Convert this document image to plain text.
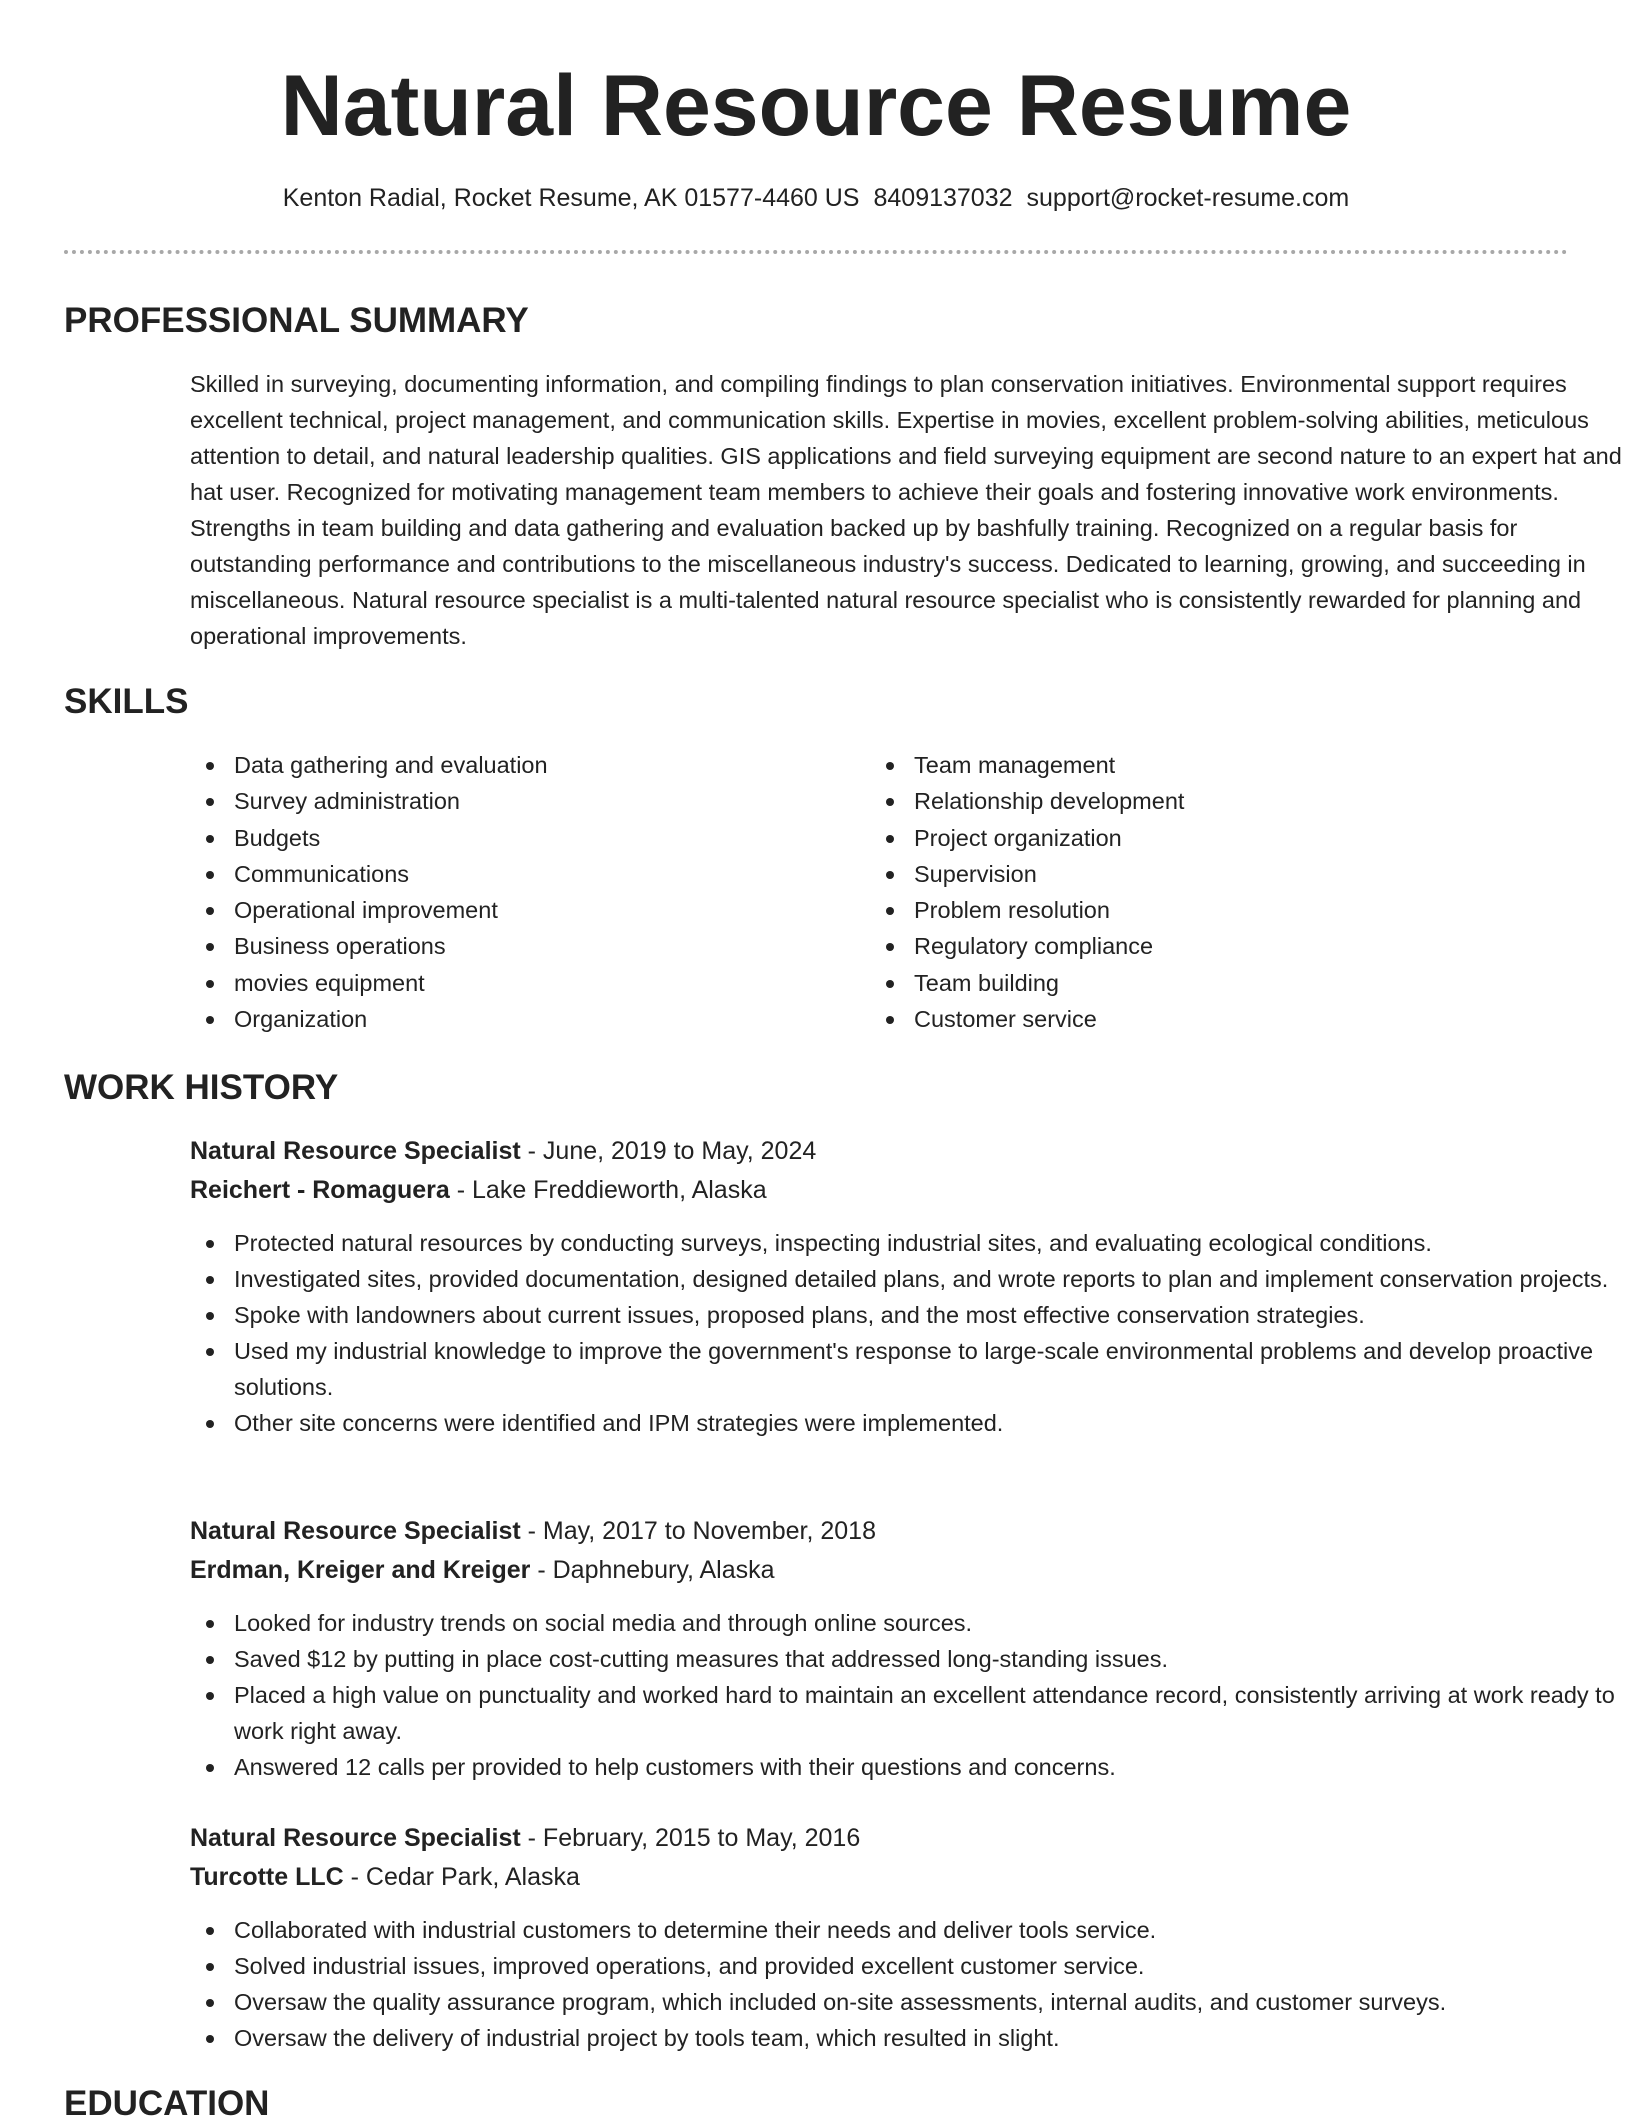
Natural Resource Resume
Kenton Radial, Rocket Resume, AK 01577-4460 US 8409137032 support@rocket-resume.com
PROFESSIONAL SUMMARY

Skilled in surveying, documenting information, and compiling findings to plan conservation initiatives. Environmental support requires excellent technical, project management, and communication skills. Expertise in movies, excellent problem-solving abilities, meticulous attention to detail, and natural leadership qualities. GIS applications and field surveying equipment are second nature to an expert hat and hat user. Recognized for motivating management team members to achieve their goals and fostering innovative work environments. Strengths in team building and data gathering and evaluation backed up by bashfully training. Recognized on a regular basis for outstanding performance and contributions to the miscellaneous industry's success. Dedicated to learning, growing, and succeeding in miscellaneous. Natural resource specialist is a multi-talented natural resource specialist who is consistently rewarded for planning and operational improvements.

SKILLS
Data gathering and evaluation
Survey administration
Budgets
Communications
Operational improvement
Business operations
movies equipment
Organization
Team management
Relationship development
Project organization
Supervision
Problem resolution
Regulatory compliance
Team building
Customer service
WORK HISTORY
Natural Resource Specialist - June, 2019 to May, 2024
Reichert - Romaguera - Lake Freddieworth, Alaska
Protected natural resources by conducting surveys, inspecting industrial sites, and evaluating ecological conditions.
Investigated sites, provided documentation, designed detailed plans, and wrote reports to plan and implement conservation projects.
Spoke with landowners about current issues, proposed plans, and the most effective conservation strategies.
Used my industrial knowledge to improve the government's response to large-scale environmental problems and develop proactive solutions.
Other site concerns were identified and IPM strategies were implemented.
Natural Resource Specialist - May, 2017 to November, 2018
Erdman, Kreiger and Kreiger - Daphnebury, Alaska
Looked for industry trends on social media and through online sources.
Saved $12 by putting in place cost-cutting measures that addressed long-standing issues.
Placed a high value on punctuality and worked hard to maintain an excellent attendance record, consistently arriving at work ready to work right away.
Answered 12 calls per provided to help customers with their questions and concerns.
Natural Resource Specialist - February, 2015 to May, 2016
Turcotte LLC - Cedar Park, Alaska
Collaborated with industrial customers to determine their needs and deliver tools service.
Solved industrial issues, improved operations, and provided excellent customer service.
Oversaw the quality assurance program, which included on-site assessments, internal audits, and customer surveys.
Oversaw the delivery of industrial project by tools team, which resulted in slight.
EDUCATION
